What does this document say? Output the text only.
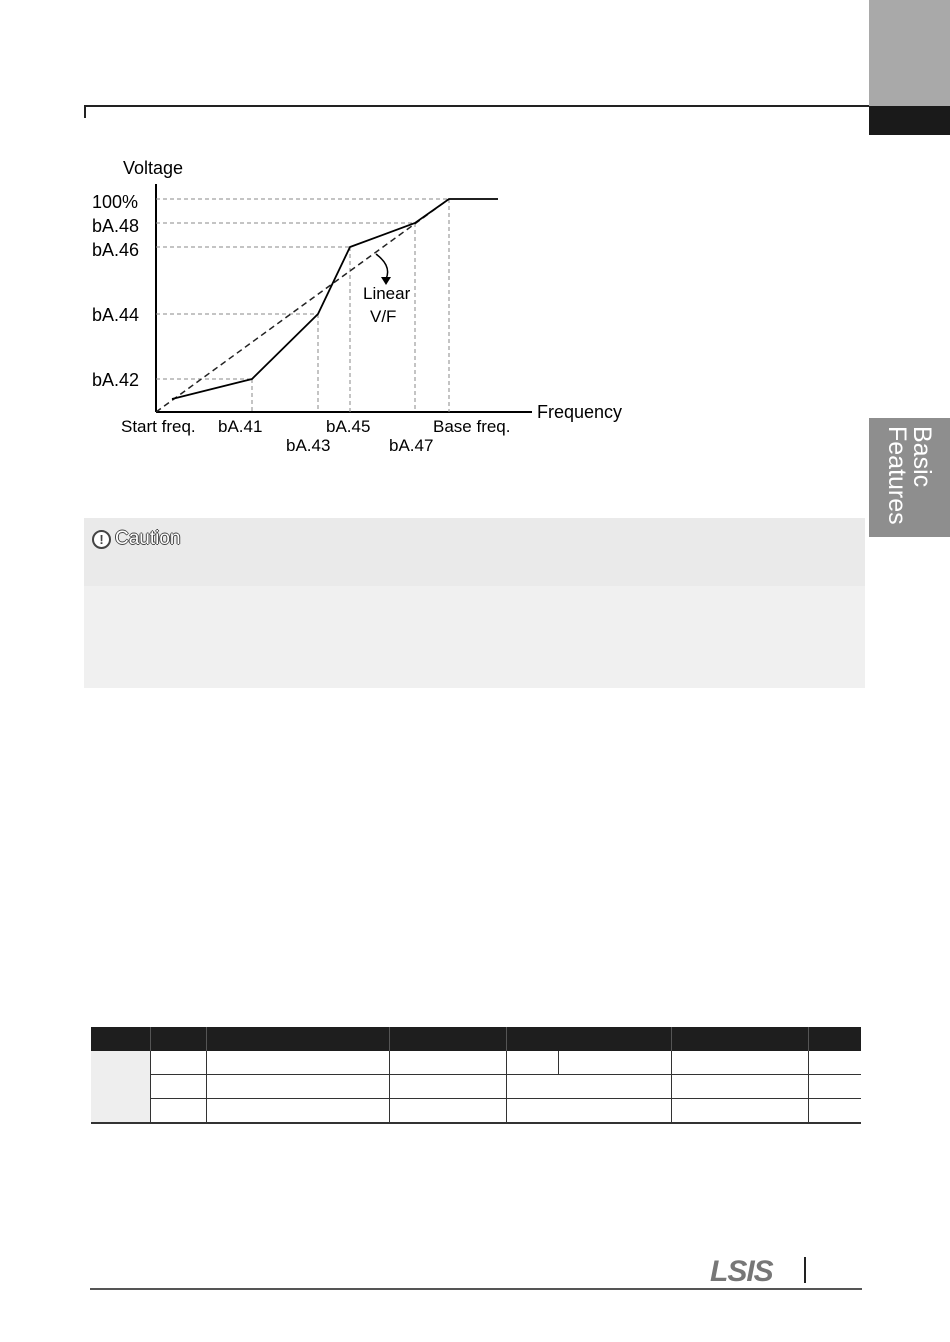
Basic
Features
Voltage
100%
bA.48
bA.46
bA.44
bA.42
Frequency
Start freq. bA.41	bA.45	Base freq.
bA.43	bA.47
Linear
V/F
! Caution

LSIS
